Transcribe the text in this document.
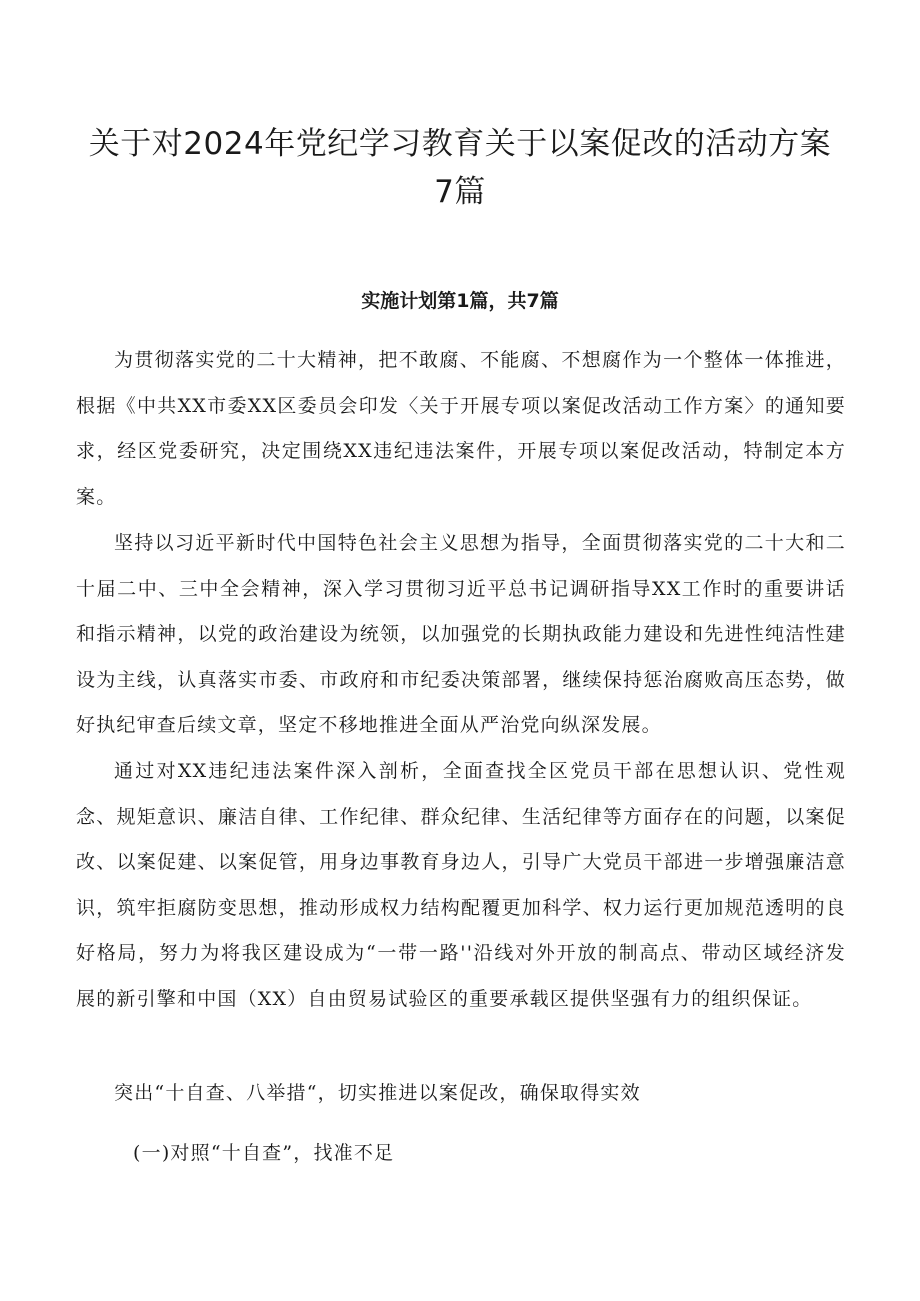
关于对2024年党纪学习教育关于以案促改的活动方案7篇
实施计划第1篇，共7篇

为贯彻落实党的二十大精神，把不敢腐、不能腐、不想腐作为一个整体一体推进，根据《中共XX市委XX区委员会印发〈关于开展专项以案促改活动工作方案〉的通知要求，经区党委研究，决定围绕XX违纪违法案件，开展专项以案促改活动，特制定本方案。

坚持以习近平新时代中国特色社会主义思想为指导，全面贯彻落实党的二十大和二十届二中、三中全会精神，深入学习贯彻习近平总书记调研指导XX工作时的重要讲话和指示精神，以党的政治建设为统领，以加强党的长期执政能力建设和先进性纯洁性建设为主线，认真落实市委、市政府和市纪委决策部署，继续保持惩治腐败高压态势，做好执纪审查后续文章，坚定不移地推进全面从严治党向纵深发展。

通过对XX违纪违法案件深入剖析，全面查找全区党员干部在思想认识、党性观念、规矩意识、廉洁自律、工作纪律、群众纪律、生活纪律等方面存在的问题，以案促改、以案促建、以案促管，用身边事教育身边人，引导广大党员干部进一步增强廉洁意识，筑牢拒腐防变思想，推动形成权力结构配覆更加科学、权力运行更加规范透明的良好格局，努力为将我区建设成为“一带一路''沿线对外开放的制高点、带动区域经济发展的新引擎和中国（XX）自由贸易试验区的重要承载区提供坚强有力的组织保证。

突出“十自查、八举措“，切实推进以案促改，确保取得实效

(一)对照“十自查”，找准不足
